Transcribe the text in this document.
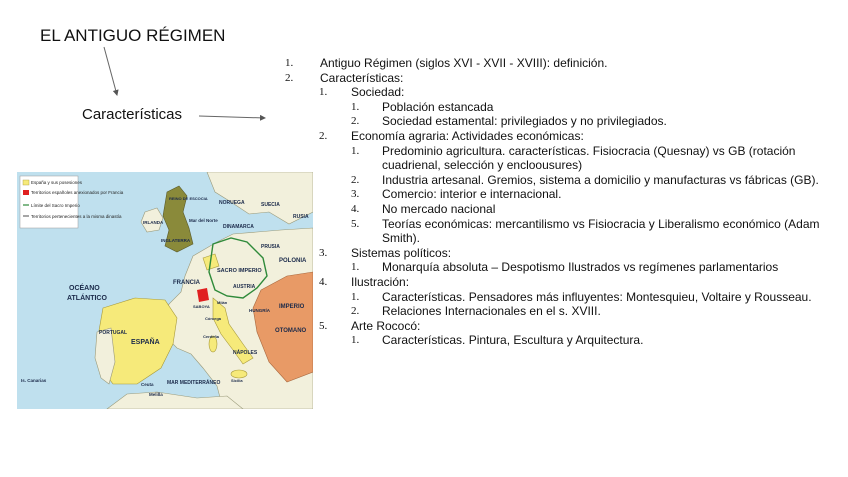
EL ANTIGUO RÉGIMEN
Características
1. Antiguo Régimen (siglos XVI - XVII - XVIII): definición.
2. Características:
1. Sociedad:
1. Población estancada
2. Sociedad estamental: privilegiados y no privilegiados.
2. Economía agraria: Actividades económicas:
1. Predominio agricultura. características. Fisiocracia (Quesnay) vs GB (rotación cuadrienal, selección y encloousures)
2. Industria artesanal. Gremios, sistema a domicilio y manufacturas vs fábricas (GB).
3. Comercio: interior e internacional.
4. No mercado nacional
5. Teorías económicas: mercantilismo vs Fisiocracia y Liberalismo económico (Adam Smith).
3. Sistemas políticos:
1. Monarquía absoluta – Despotismo Ilustrados vs regímenes parlamentarios
4. Ilustración:
1. Características. Pensadores más influyentes: Montesquieu, Voltaire y Rousseau.
2. Relaciones Internacionales en el s. XVIII.
5. Arte Rococó:
1. Características. Pintura, Escultura y Arquitectura.
España y sus posesiones
Territorios españoles anexionados por Francia
Límite del Sacro Imperio
Territorios pertenecientes a la misma dinastía
OCÉANO
ATLÁNTICO
PORTUGAL
ESPAÑA
FRANCIA
INGLATERRA
IRLANDA
REINO DE ESCOCIA
Mar del Norte
DINAMARCA
NORUEGA	SUECIA
RUSIA
POLONIA
SACRO IMPERIO
PRUSIA
AUSTRIA
HUNGRÍA
IMPERIO
OTOMANO
NÁPOLES
MAR MEDITERRÁNEO
Is. Canarias
Ceuta
Melilla
Cerdeña
Sicilia
Córcega
SABOYA
Milán
